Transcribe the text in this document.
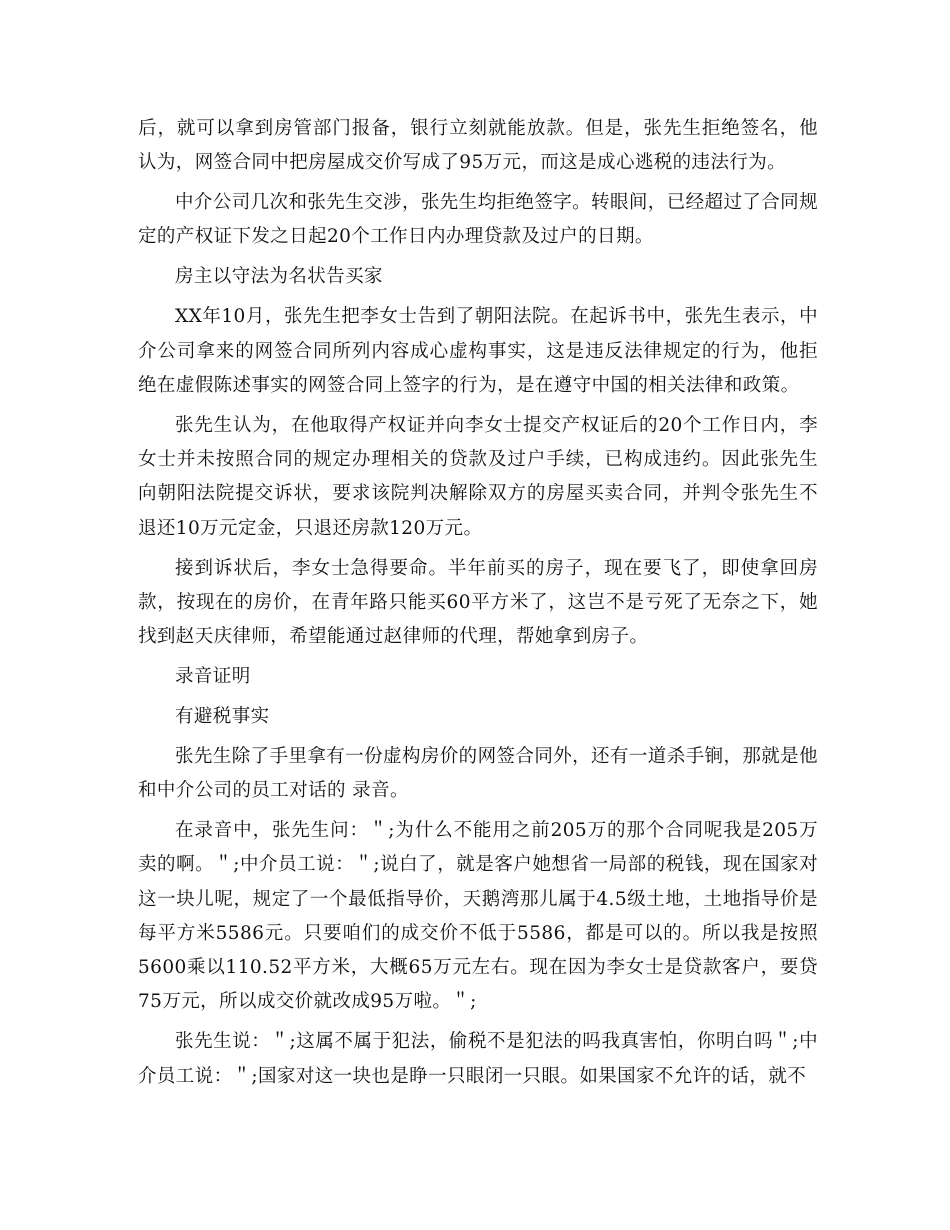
后，就可以拿到房管部门报备，银行立刻就能放款。但是，张先生拒绝签名，他认为，网签合同中把房屋成交价写成了95万元，而这是成心逃税的违法行为。

中介公司几次和张先生交涉，张先生均拒绝签字。转眼间，已经超过了合同规定的产权证下发之日起20个工作日内办理贷款及过户的日期。

房主以守法为名状告买家

XX年10月，张先生把李女士告到了朝阳法院。在起诉书中，张先生表示，中介公司拿来的网签合同所列内容成心虚构事实，这是违反法律规定的行为，他拒绝在虚假陈述事实的网签合同上签字的行为，是在遵守中国的相关法律和政策。

张先生认为，在他取得产权证并向李女士提交产权证后的20个工作日内，李女士并未按照合同的规定办理相关的贷款及过户手续，已构成违约。因此张先生向朝阳法院提交诉状，要求该院判决解除双方的房屋买卖合同，并判令张先生不退还10万元定金，只退还房款120万元。

接到诉状后，李女士急得要命。半年前买的房子，现在要飞了，即使拿回房款，按现在的房价，在青年路只能买60平方米了，这岂不是亏死了无奈之下，她找到赵天庆律师，希望能通过赵律师的代理，帮她拿到房子。

录音证明

有避税事实

张先生除了手里拿有一份虚构房价的网签合同外，还有一道杀手锏，那就是他和中介公司的员工对话的 录音。

在录音中，张先生问：＂;为什么不能用之前205万的那个合同呢我是205万卖的啊。＂;中介员工说：＂;说白了，就是客户她想省一局部的税钱，现在国家对这一块儿呢，规定了一个最低指导价，天鹅湾那儿属于4.5级土地，土地指导价是每平方米5586元。只要咱们的成交价不低于5586，都是可以的。所以我是按照5600乘以110.52平方米，大概65万元左右。现在因为李女士是贷款客户，要贷75万元，所以成交价就改成95万啦。＂;

张先生说：＂;这属不属于犯法，偷税不是犯法的吗我真害怕，你明白吗＂;中介员工说：＂;国家对这一块也是睁一只眼闭一只眼。如果国家不允许的话，就不
